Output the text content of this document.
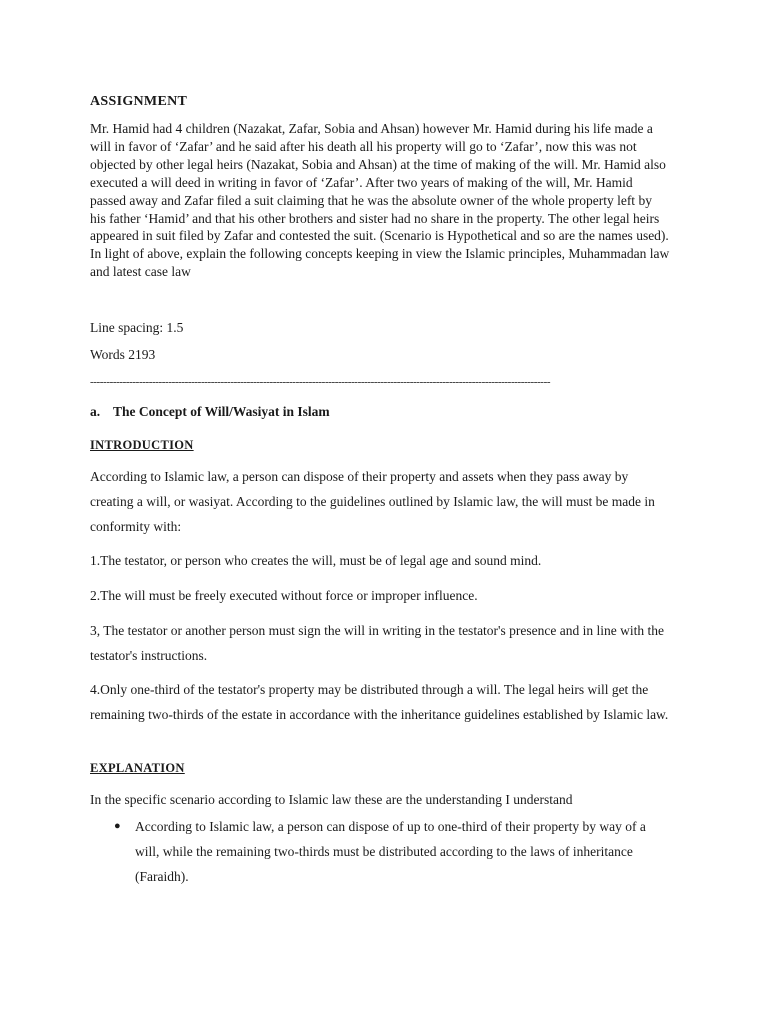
ASSIGNMENT

Mr. Hamid had 4 children (Nazakat, Zafar, Sobia and Ahsan) however Mr. Hamid during his life made a will in favor of ‘Zafar’ and he said after his death all his property will go to ‘Zafar’, now this was not objected by other legal heirs (Nazakat, Sobia and Ahsan) at the time of making of the will. Mr. Hamid also executed a will deed in writing in favor of ‘Zafar’. After two years of making of the will, Mr. Hamid passed away and Zafar filed a suit claiming that he was the absolute owner of the whole property left by his father ‘Hamid’ and that his other brothers and sister had no share in the property. The other legal heirs appeared in suit filed by Zafar and contested the suit. (Scenario is Hypothetical and so are the names used). In light of above, explain the following concepts keeping in view the Islamic principles, Muhammadan law and latest case law

Line spacing: 1.5

Words 2193

---------------------------------------------------------------------------------------------------------------------------------------------
a. The Concept of Will/Wasiyat in Islam
INTRODUCTION

According to Islamic law, a person can dispose of their property and assets when they pass away by creating a will, or wasiyat. According to the guidelines outlined by Islamic law, the will must be made in conformity with:

1.The testator, or person who creates the will, must be of legal age and sound mind.

2.The will must be freely executed without force or improper influence.

3, The testator or another person must sign the will in writing in the testator's presence and in line with the testator's instructions.

4.Only one-third of the testator's property may be distributed through a will. The legal heirs will get the remaining two-thirds of the estate in accordance with the inheritance guidelines established by Islamic law.

EXPLANATION

In the specific scenario according to Islamic law these are the understanding I understand

● According to Islamic law, a person can dispose of up to one-third of their property by way of a will, while the remaining two-thirds must be distributed according to the laws of inheritance (Faraidh).
